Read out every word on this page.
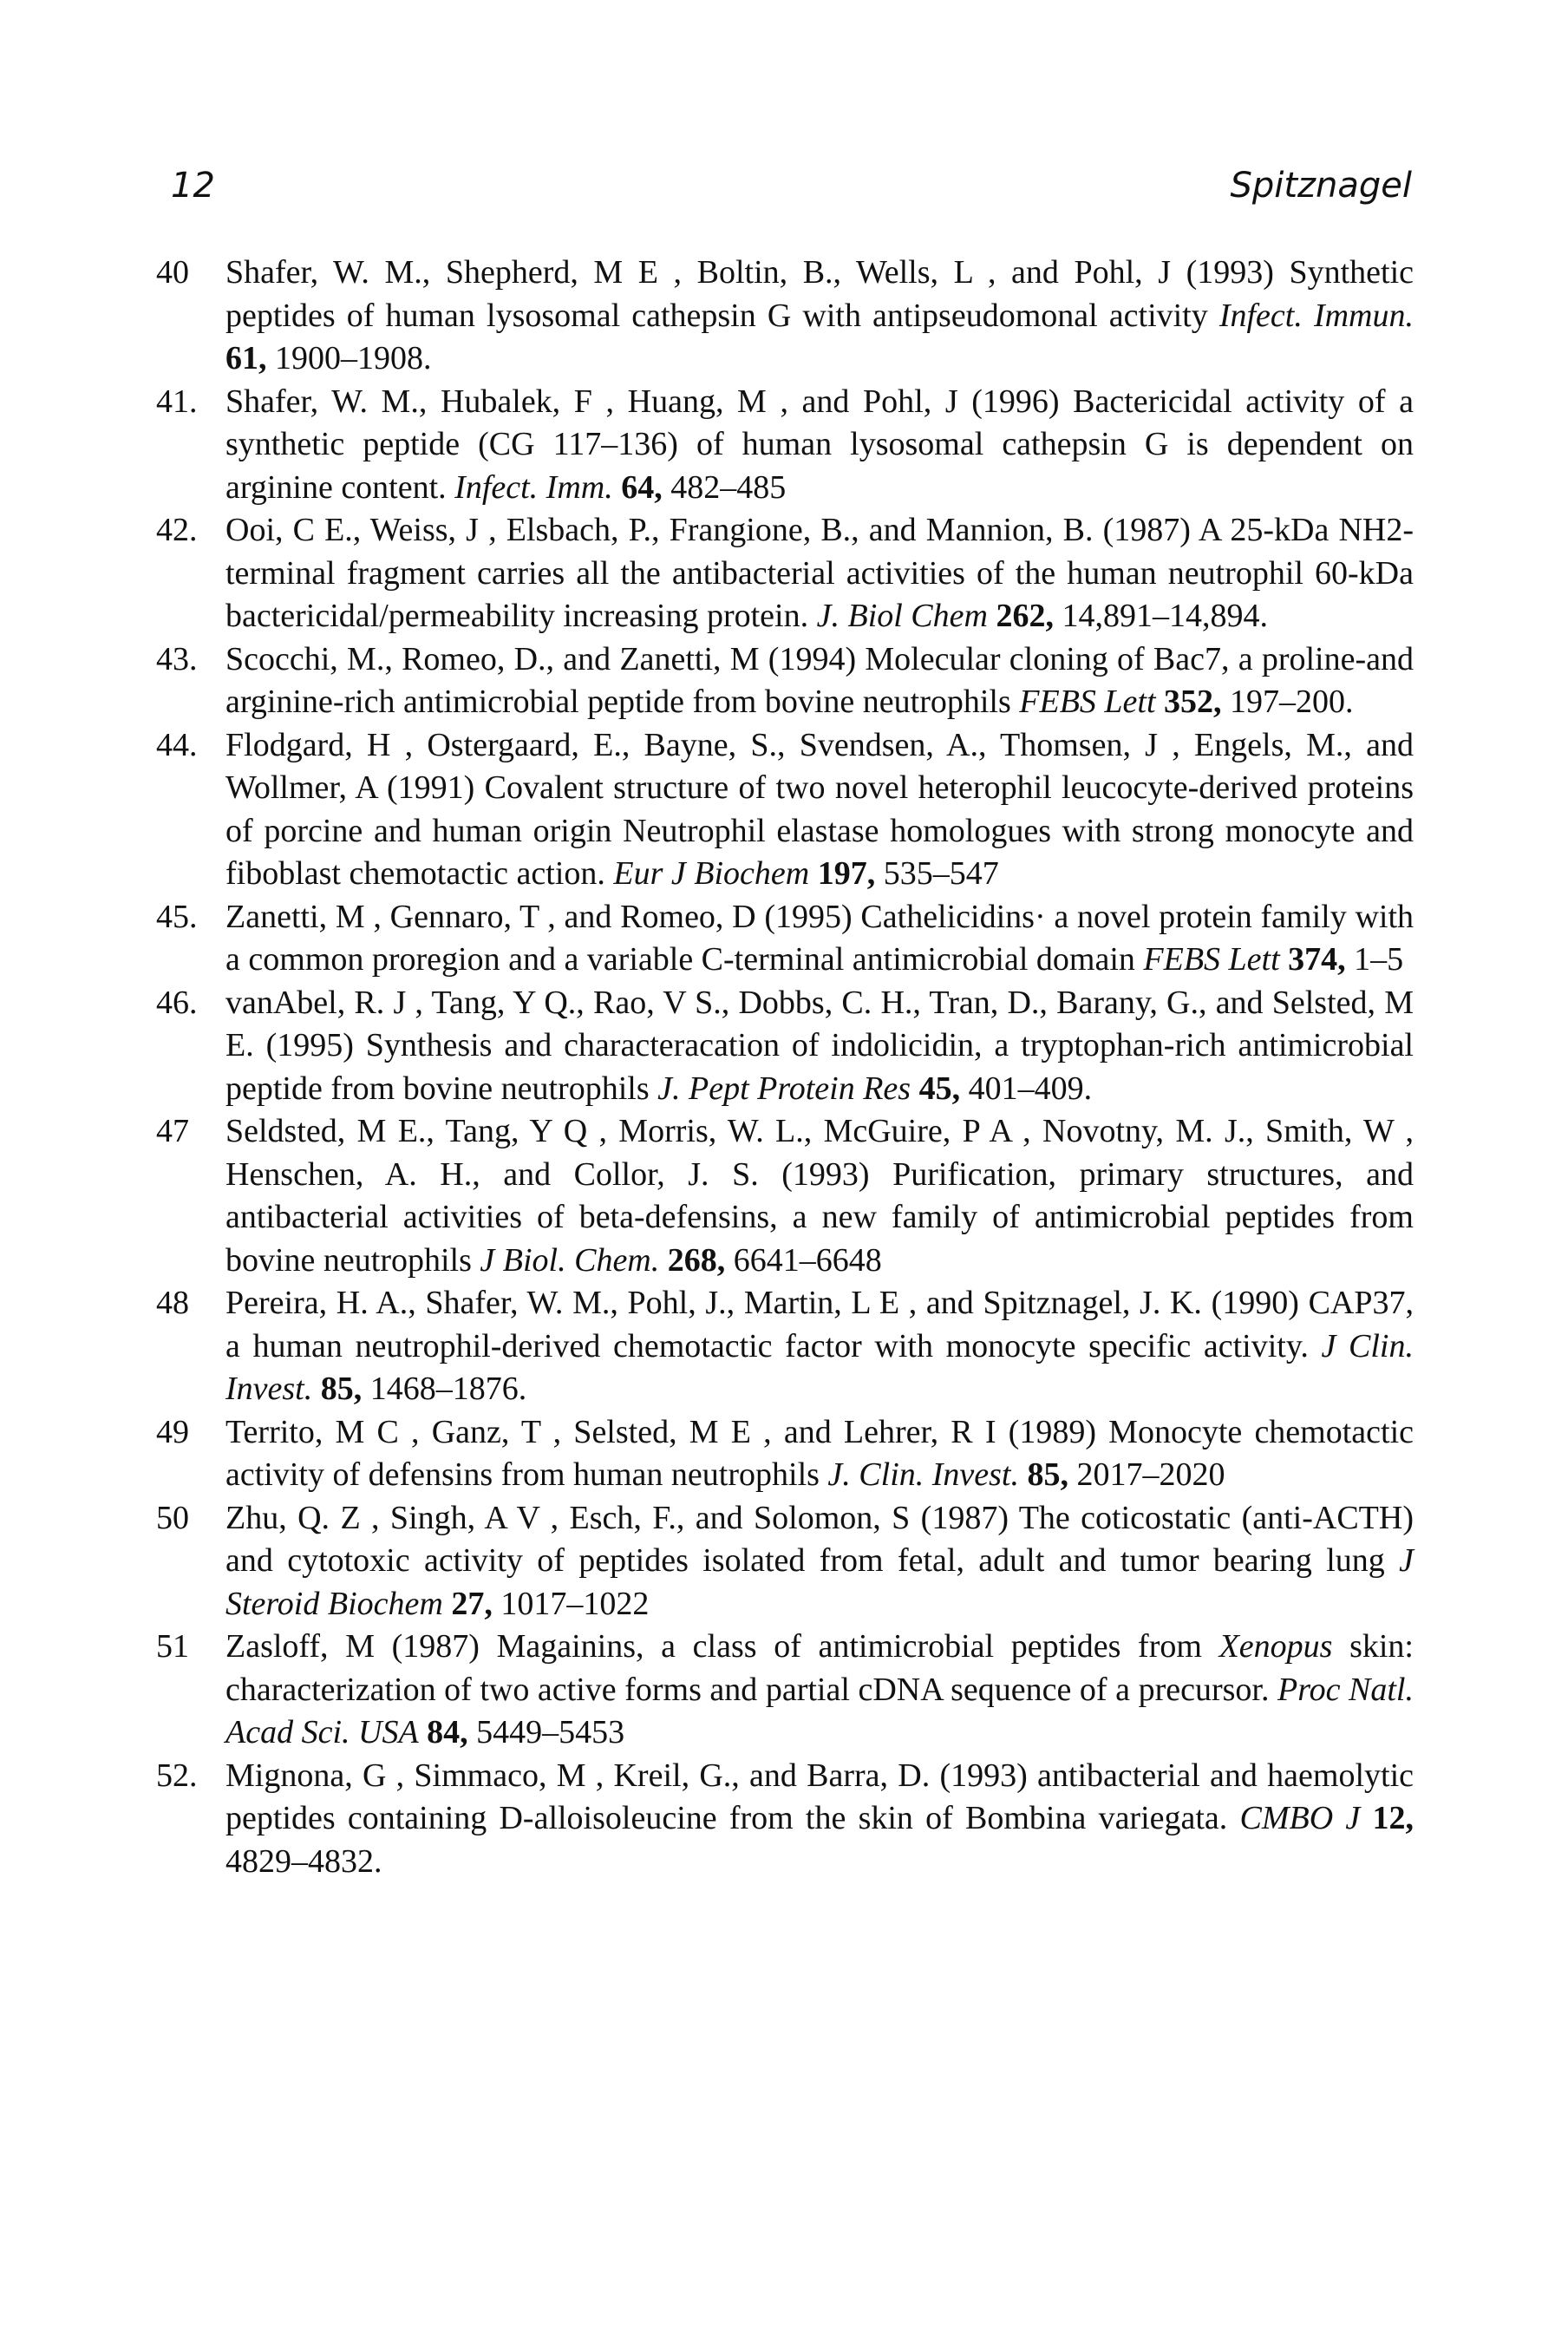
12	Spitznagel
40	Shafer, W. M., Shepherd, M E , Boltin, B., Wells, L , and Pohl, J (1993) Synthetic peptides of human lysosomal cathepsin G with antipseudomonal activity Infect. Immun. 61, 1900–1908.
41. Shafer, W. M., Hubalek, F , Huang, M , and Pohl, J (1996) Bactericidal activity of a synthetic peptide (CG 117–136) of human lysosomal cathepsin G is dependent on arginine content. Infect. Imm. 64, 482–485
42. Ooi, C E., Weiss, J , Elsbach, P., Frangione, B., and Mannion, B. (1987) A 25-kDa NH2-terminal fragment carries all the antibacterial activities of the human neutrophil 60-kDa bactericidal/permeability increasing protein. J. Biol Chem 262, 14,891–14,894.
43. Scocchi, M., Romeo, D., and Zanetti, M (1994) Molecular cloning of Bac7, a proline-and arginine-rich antimicrobial peptide from bovine neutrophils FEBS Lett 352, 197–200.
44. Flodgard, H , Ostergaard, E., Bayne, S., Svendsen, A., Thomsen, J , Engels, M., and Wollmer, A (1991) Covalent structure of two novel heterophil leucocyte-derived proteins of porcine and human origin Neutrophil elastase homologues with strong monocyte and fiboblast chemotactic action. Eur J Biochem 197, 535–547
45. Zanetti, M , Gennaro, T , and Romeo, D (1995) Cathelicidins· a novel protein family with a common proregion and a variable C-terminal antimicrobial domain FEBS Lett 374, 1–5
46. vanAbel, R. J , Tang, Y Q., Rao, V S., Dobbs, C. H., Tran, D., Barany, G., and Selsted, M E. (1995) Synthesis and characteracation of indolicidin, a tryptophan-rich antimicrobial peptide from bovine neutrophils J. Pept Protein Res 45, 401–409.
47	Seldsted, M E., Tang, Y Q , Morris, W. L., McGuire, P A , Novotny, M. J., Smith, W , Henschen, A. H., and Collor, J. S. (1993) Purification, primary structures, and antibacterial activities of beta-defensins, a new family of antimicrobial peptides from bovine neutrophils J Biol. Chem. 268, 6641–6648
48	Pereira, H. A., Shafer, W. M., Pohl, J., Martin, L E , and Spitznagel, J. K. (1990) CAP37, a human neutrophil-derived chemotactic factor with monocyte specific activity. J Clin. Invest. 85, 1468–1876.
49	Territo, M C , Ganz, T , Selsted, M E , and Lehrer, R I (1989) Monocyte chemotactic activity of defensins from human neutrophils J. Clin. Invest. 85, 2017–2020
50	Zhu, Q. Z , Singh, A V , Esch, F., and Solomon, S (1987) The coticostatic (anti-ACTH) and cytotoxic activity of peptides isolated from fetal, adult and tumor bearing lung J Steroid Biochem 27, 1017–1022
51	Zasloff, M (1987) Magainins, a class of antimicrobial peptides from Xenopus skin: characterization of two active forms and partial cDNA sequence of a precursor. Proc Natl. Acad Sci. USA 84, 5449–5453
52. Mignona, G , Simmaco, M , Kreil, G., and Barra, D. (1993) antibacterial and haemolytic peptides containing D-alloisoleucine from the skin of Bombina variegata. CMBO J 12, 4829–4832.
